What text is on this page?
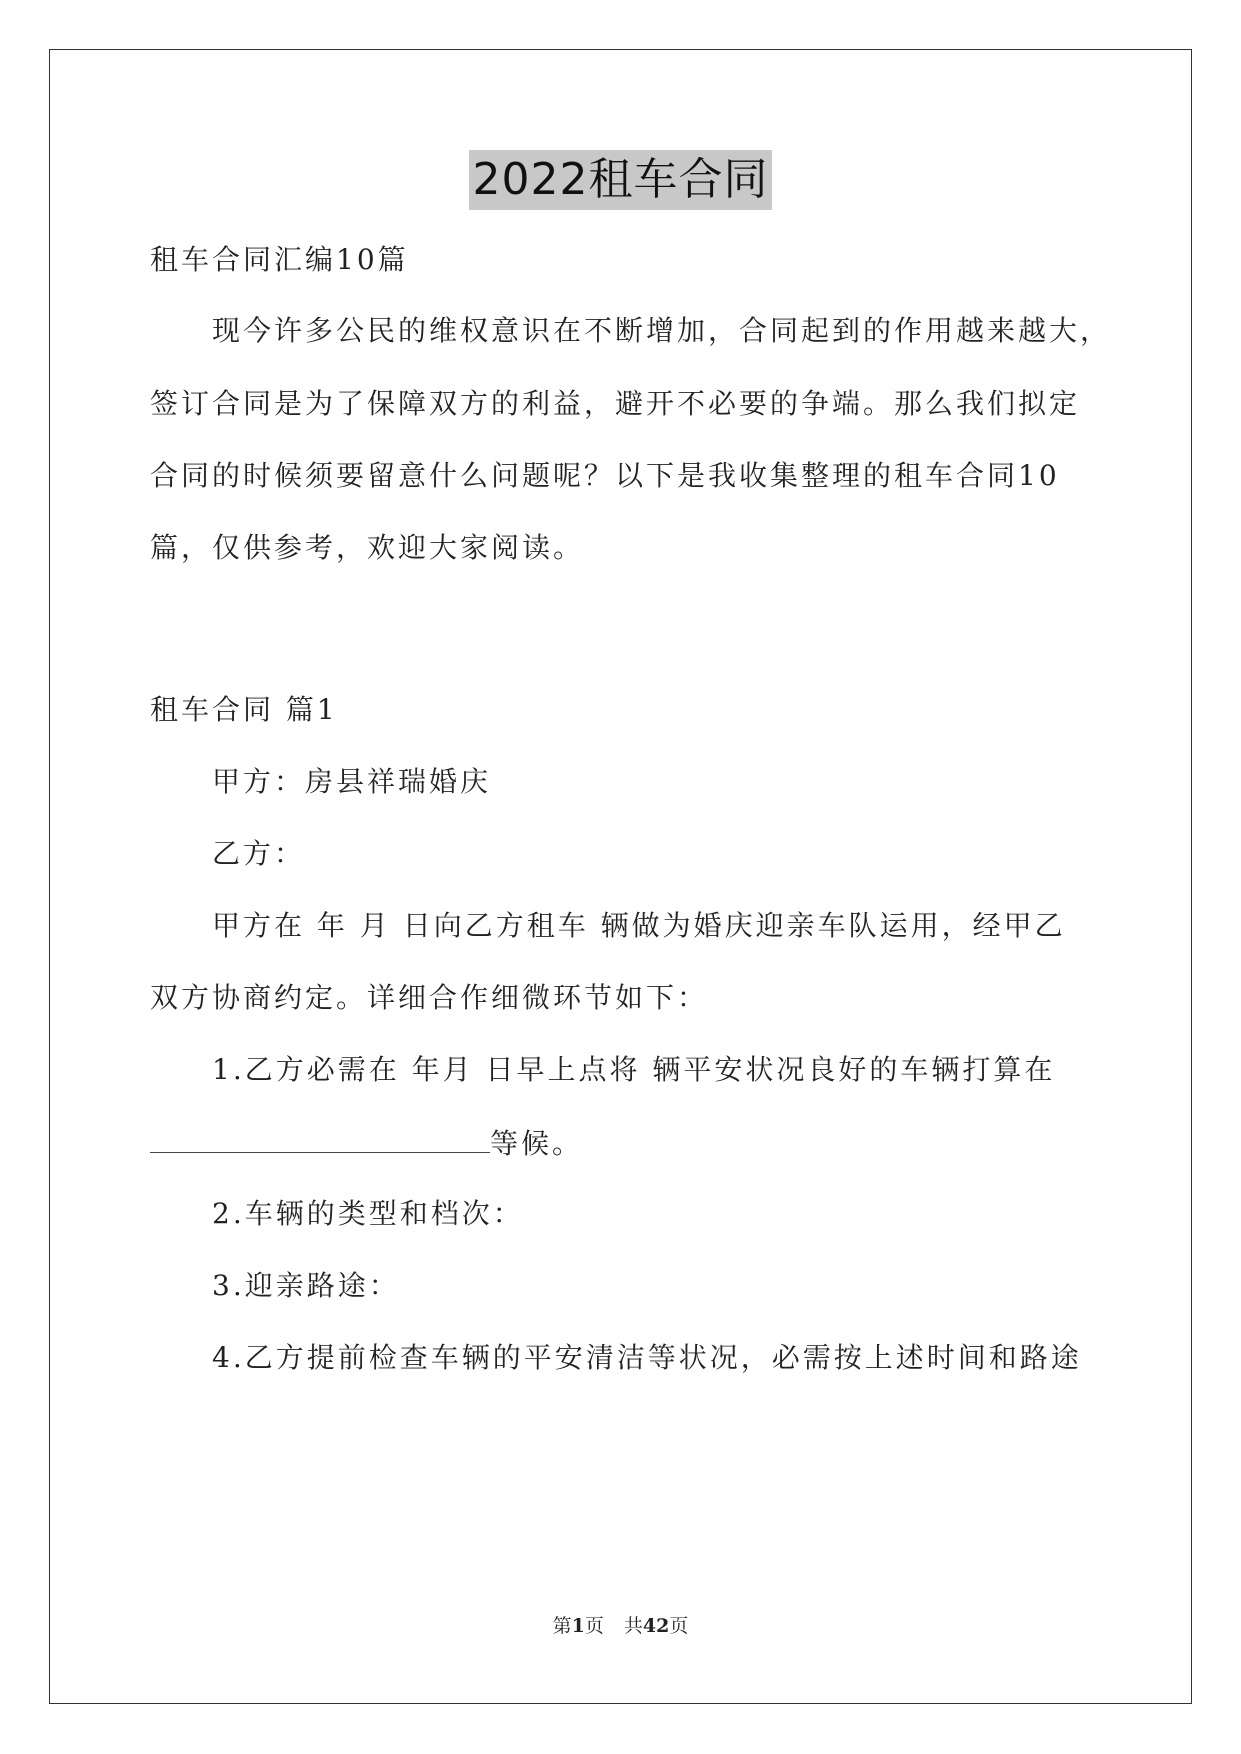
2022租车合同
租车合同汇编10篇
现今许多公民的维权意识在不断增加，合同起到的作用越来越大，
签订合同是为了保障双方的利益，避开不必要的争端。那么我们拟定
合同的时候须要留意什么问题呢？以下是我收集整理的租车合同10
篇，仅供参考，欢迎大家阅读。
租车合同 篇1
甲方：房县祥瑞婚庆
乙方：
甲方在 年 月 日向乙方租车 辆做为婚庆迎亲车队运用，经甲乙
双方协商约定。详细合作细微环节如下：
1.乙方必需在 年月 日早上点将 辆平安状况良好的车辆打算在
等候。
2.车辆的类型和档次：
3.迎亲路途：
4.乙方提前检查车辆的平安清洁等状况，必需按上述时间和路途
第1页 共42页
